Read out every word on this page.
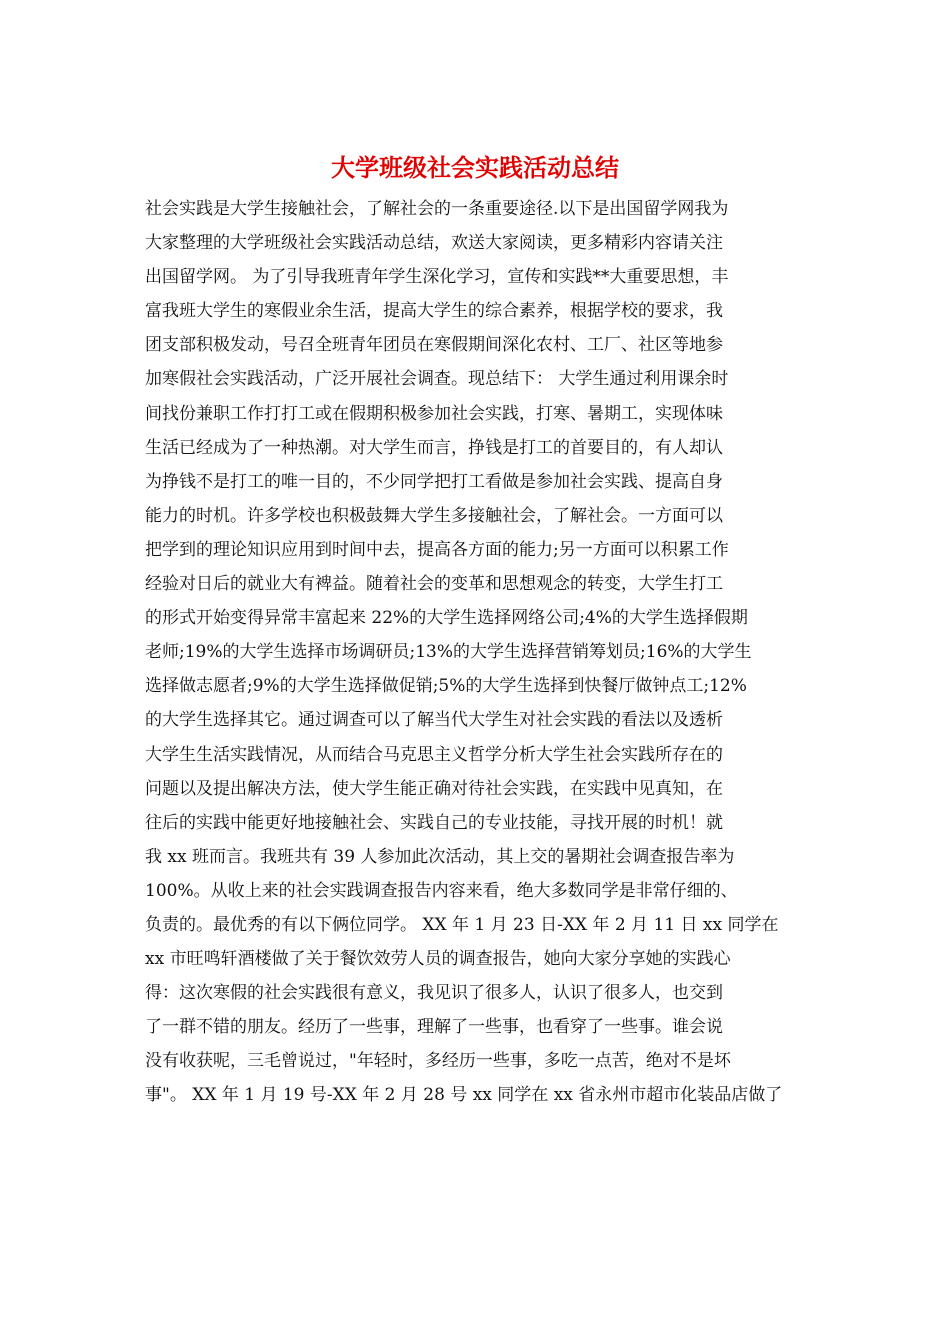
大学班级社会实践活动总结
社会实践是大学生接触社会，了解社会的一条重要途径.以下是出国留学网我为
大家整理的大学班级社会实践活动总结，欢送大家阅读，更多精彩内容请关注
出国留学网。 为了引导我班青年学生深化学习，宣传和实践**大重要思想，丰
富我班大学生的寒假业余生活，提高大学生的综合素养，根据学校的要求，我
团支部积极发动，号召全班青年团员在寒假期间深化农村、工厂、社区等地参
加寒假社会实践活动，广泛开展社会调查。现总结下： 大学生通过利用课余时
间找份兼职工作打打工或在假期积极参加社会实践，打寒、暑期工，实现体味
生活已经成为了一种热潮。对大学生而言，挣钱是打工的首要目的，有人却认
为挣钱不是打工的唯一目的，不少同学把打工看做是参加社会实践、提高自身
能力的时机。许多学校也积极鼓舞大学生多接触社会，了解社会。一方面可以
把学到的理论知识应用到时间中去，提高各方面的能力;另一方面可以积累工作
经验对日后的就业大有裨益。随着社会的变革和思想观念的转变，大学生打工
的形式开始变得异常丰富起来 22%的大学生选择网络公司;4%的大学生选择假期
老师;19%的大学生选择市场调研员;13%的大学生选择营销筹划员;16%的大学生
选择做志愿者;9%的大学生选择做促销;5%的大学生选择到快餐厅做钟点工;12%
的大学生选择其它。通过调查可以了解当代大学生对社会实践的看法以及透析
大学生生活实践情况，从而结合马克思主义哲学分析大学生社会实践所存在的
问题以及提出解决方法，使大学生能正确对待社会实践，在实践中见真知，在
往后的实践中能更好地接触社会、实践自己的专业技能，寻找开展的时机！就
我 xx 班而言。我班共有 39 人参加此次活动，其上交的暑期社会调查报告率为
100%。从收上来的社会实践调查报告内容来看，绝大多数同学是非常仔细的、
负责的。最优秀的有以下俩位同学。 XX 年 1 月 23 日-XX 年 2 月 11 日 xx 同学在
xx 市旺鸣轩酒楼做了关于餐饮效劳人员的调查报告，她向大家分享她的实践心
得：这次寒假的社会实践很有意义，我见识了很多人，认识了很多人，也交到
了一群不错的朋友。经历了一些事，理解了一些事，也看穿了一些事。谁会说
没有收获呢，三毛曾说过，"年轻时，多经历一些事，多吃一点苦，绝对不是坏
事"。 XX 年 1 月 19 号-XX 年 2 月 28 号 xx 同学在 xx 省永州市超市化装品店做了
